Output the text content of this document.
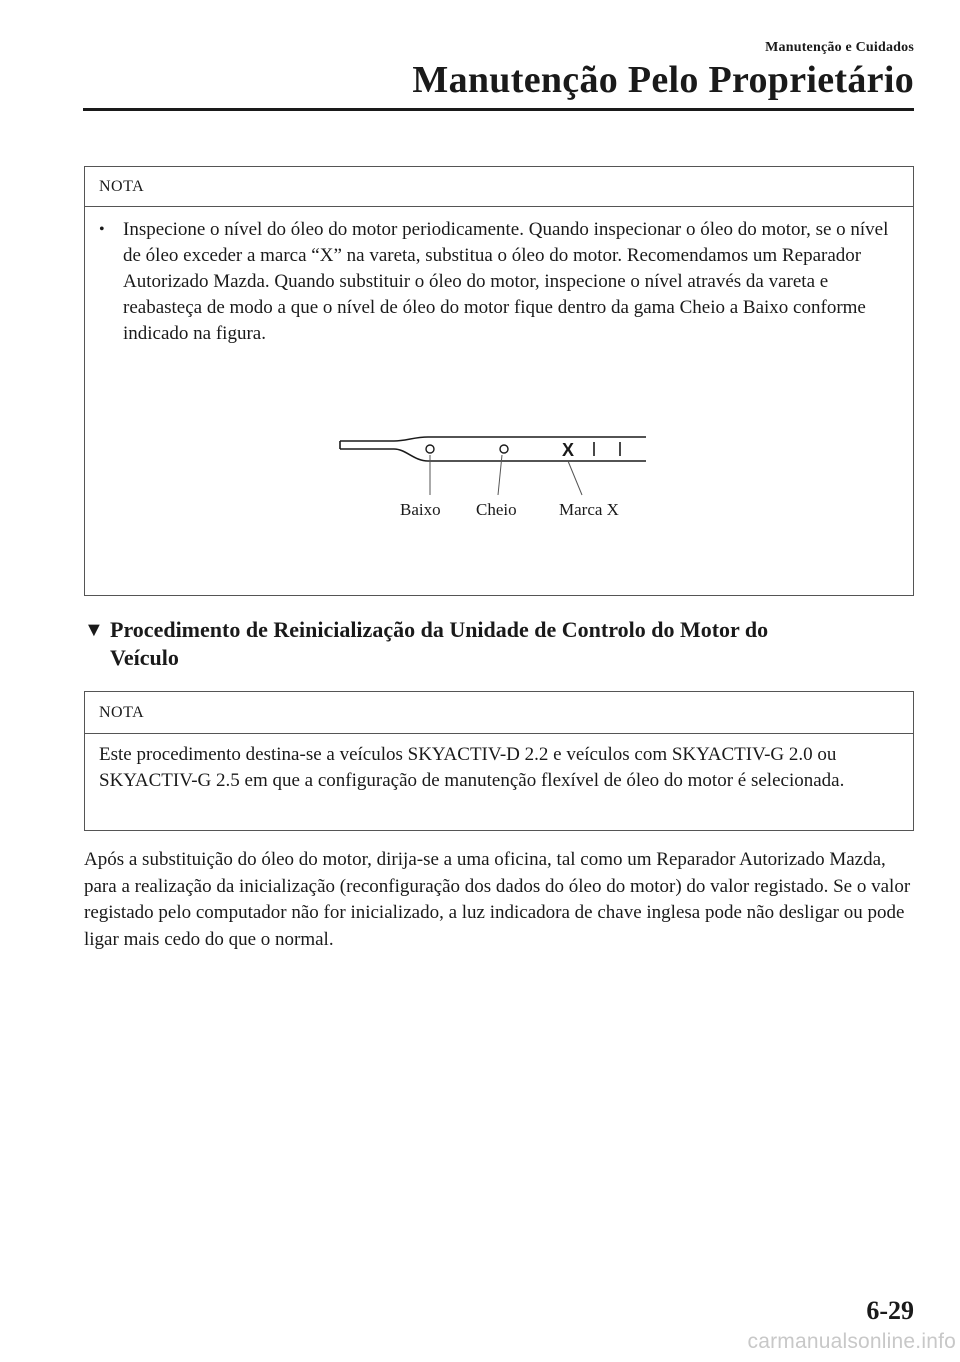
Manutenção e Cuidados
Manutenção Pelo Proprietário
NOTA
• Inspecione o nível do óleo do motor periodicamente. Quando inspecionar o óleo do motor, se o nível de óleo exceder a marca “X” na vareta, substitua o óleo do motor. Recomendamos um Reparador Autorizado Mazda. Quando substituir o óleo do motor, inspecione o nível através da vareta e reabasteça de modo a que o nível de óleo do motor fique dentro da gama Cheio a Baixo conforme indicado na figura.
X
Baixo Cheio Marca X
▼ Procedimento de Reinicialização da Unidade de Controlo do Motor do Veículo
NOTA
Este procedimento destina-se a veículos SKYACTIV-D 2.2 e veículos com SKYACTIV-G 2.0 ou SKYACTIV-G 2.5 em que a configuração de manutenção flexível de óleo do motor é selecionada.
Após a substituição do óleo do motor, dirija-se a uma oficina, tal como um Reparador Autorizado Mazda, para a realização da inicialização (reconfiguração dos dados do óleo do motor) do valor registado. Se o valor registado pelo computador não for inicializado, a luz indicadora de chave inglesa pode não desligar ou pode ligar mais cedo do que o normal.
6-29
carmanualsonline.info
